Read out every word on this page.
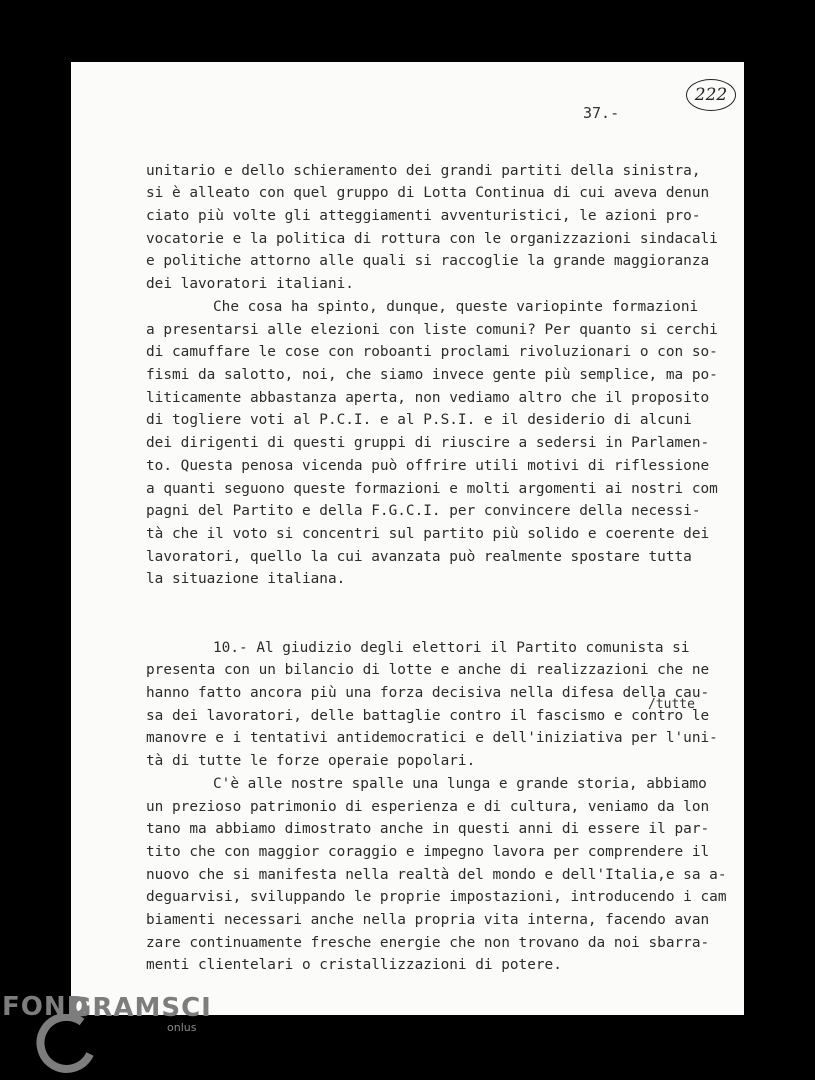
222
37.-
unitario e dello schieramento dei grandi partiti della sinistra,
si è alleato con quel gruppo di Lotta Continua di cui aveva denun
ciato più volte gli atteggiamenti avventuristici, le azioni pro-
vocatorie e la politica di rottura con le organizzazioni sindacali
e politiche attorno alle quali si raccoglie la grande maggioranza
dei lavoratori italiani.
Che cosa ha spinto, dunque, queste variopinte formazioni
a presentarsi alle elezioni con liste comuni? Per quanto si cerchi
di camuffare le cose con roboanti proclami rivoluzionari o con so-
fismi da salotto, noi, che siamo invece gente più semplice, ma po-
liticamente abbastanza aperta, non vediamo altro che il proposito
di togliere voti al P.C.I. e al P.S.I. e il desiderio di alcuni
dei dirigenti di questi gruppi di riuscire a sedersi in Parlamen-
to. Questa penosa vicenda può offrire utili motivi di riflessione
a quanti seguono queste formazioni e molti argomenti ai nostri com
pagni del Partito e della F.G.C.I. per convincere della necessi-
tà che il voto si concentri sul partito più solido e coerente dei
lavoratori, quello la cui avanzata può realmente spostare tutta
la situazione italiana.
10.- Al giudizio degli elettori il Partito comunista si
presenta con un bilancio di lotte e anche di realizzazioni che ne
hanno fatto ancora più una forza decisiva nella difesa della cau-
/tutte
sa dei lavoratori, delle battaglie contro il fascismo e contro le
manovre e i tentativi antidemocratici e dell'iniziativa per l'uni-
tà di tutte le forze operaie popolari.
C'è alle nostre spalle una lunga e grande storia, abbiamo
un prezioso patrimonio di esperienza e di cultura, veniamo da lon
tano ma abbiamo dimostrato anche in questi anni di essere il par-
tito che con maggior coraggio e impegno lavora per comprendere il
nuovo che si manifesta nella realtà del mondo e dell'Italia,e sa a-
deguarvisi, sviluppando le proprie impostazioni, introducendo i cam
biamenti necessari anche nella propria vita interna, facendo avan
zare continuamente fresche energie che non trovano da noi sbarra-
menti clientelari o cristallizzazioni di potere.
FOND
GRAMSCI
onlus
